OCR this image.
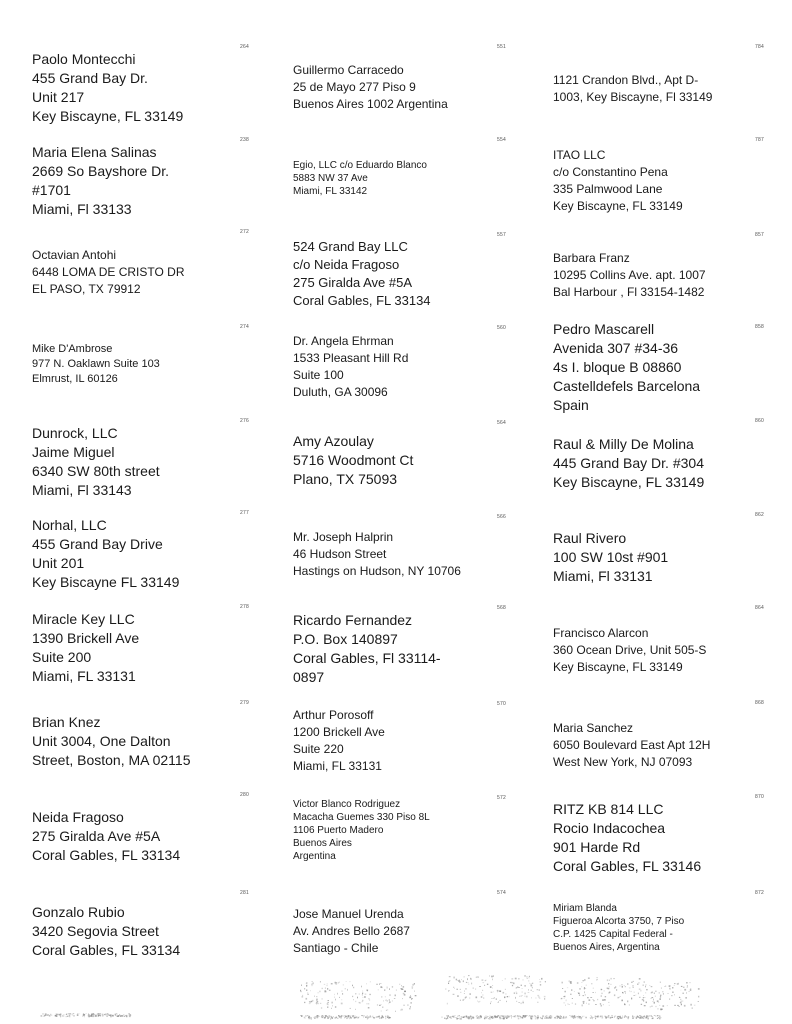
264
Paolo Montecchi
455 Grand Bay Dr.
Unit 217
Key Biscayne, FL 33149
238
Maria Elena Salinas
2669 So Bayshore Dr.
#1701
Miami, Fl 33133
272
Octavian Antohi
6448 LOMA DE CRISTO DR
EL PASO, TX 79912
274
Mike D'Ambrose
977 N. Oaklawn Suite 103
Elmrust, IL 60126
276
Dunrock, LLC
Jaime Miguel
6340 SW 80th street
Miami, Fl 33143
277
Norhal, LLC
455 Grand Bay Drive
Unit 201
Key Biscayne FL 33149
278
Miracle Key LLC
1390 Brickell Ave
Suite 200
Miami, FL 33131
279
Brian Knez
Unit 3004, One Dalton
Street, Boston, MA 02115
280
Neida Fragoso
275 Giralda Ave #5A
Coral Gables, FL 33134
281
Gonzalo Rubio
3420 Segovia Street
Coral Gables, FL 33134
551
Guillermo Carracedo
25 de Mayo 277 Piso 9
Buenos Aires 1002 Argentina
554
Egio, LLC c/o Eduardo Blanco
5883 NW 37 Ave
Miami, FL 33142
557
524 Grand Bay LLC
c/o Neida Fragoso
275 Giralda Ave #5A
Coral Gables, FL 33134
560
Dr. Angela Ehrman
1533 Pleasant Hill Rd
Suite 100
Duluth, GA 30096
564
Amy Azoulay
5716 Woodmont Ct
Plano, TX 75093
566
Mr. Joseph Halprin
46 Hudson Street
Hastings on Hudson, NY 10706
568
Ricardo Fernandez
P.O. Box 140897
Coral Gables, Fl 33114-
0897
570
Arthur Porosoff
1200 Brickell Ave
Suite 220
Miami, FL 33131
572
Victor Blanco Rodriguez
Macacha Guemes 330 Piso 8L
1106 Puerto Madero
Buenos Aires
Argentina
574
Jose Manuel Urenda
Av. Andres Bello 2687
Santiago - Chile
784
1121 Crandon Blvd., Apt D-
1003, Key Biscayne, Fl 33149
787
ITAO LLC
c/o Constantino Pena
335 Palmwood Lane
Key Biscayne, FL 33149
857
Barbara Franz
10295 Collins Ave. apt. 1007
Bal Harbour , Fl 33154-1482
858
Pedro Mascarell
Avenida 307 #34-36
4s I. bloque B 08860
Castelldefels Barcelona
Spain
860
Raul & Milly De Molina
445 Grand Bay Dr. #304
Key Biscayne, FL 33149
862
Raul Rivero
100 SW 10st #901
Miami, Fl 33131
864
Francisco Alarcon
360 Ocean Drive, Unit 505-S
Key Biscayne, FL 33149
868
Maria Sanchez
6050 Boulevard East Apt 12H
West New York, NJ 07093
870
RITZ KB 814 LLC
Rocio Indacochea
901 Harde Rd
Coral Gables, FL 33146
872
Miriam Blanda
Figueroa Alcorta 3750, 7 Piso
C.P. 1425 Capital Federal -
Buenos Aires, Argentina
